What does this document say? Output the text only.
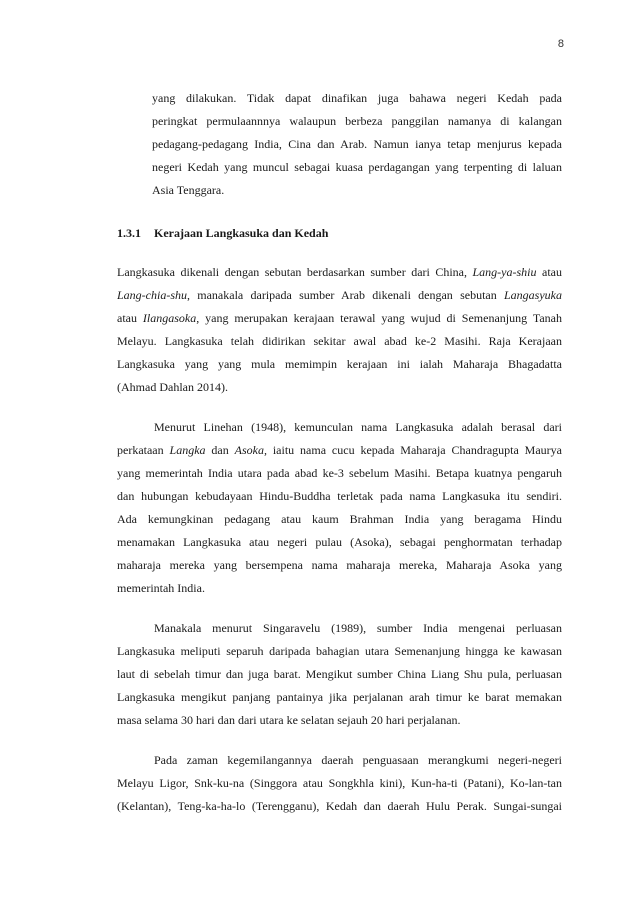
8
yang dilakukan. Tidak dapat dinafikan juga bahawa negeri Kedah pada
peringkat permulaannnya walaupun berbeza panggilan namanya di kalangan
pedagang-pedagang India, Cina dan Arab. Namun ianya tetap menjurus kepada
negeri Kedah yang muncul sebagai kuasa perdagangan yang terpenting di laluan
Asia Tenggara.
1.3.1 Kerajaan Langkasuka dan Kedah
Langkasuka dikenali dengan sebutan berdasarkan sumber dari China, Lang-ya-shiu atau
Lang-chia-shu, manakala daripada sumber Arab dikenali dengan sebutan Langasyuka
atau Ilangasoka, yang merupakan kerajaan terawal yang wujud di Semenanjung Tanah
Melayu. Langkasuka telah didirikan sekitar awal abad ke-2 Masihi. Raja Kerajaan
Langkasuka yang yang mula memimpin kerajaan ini ialah Maharaja Bhagadatta
(Ahmad Dahlan 2014).
Menurut Linehan (1948), kemunculan nama Langkasuka adalah berasal dari
perkataan Langka dan Asoka, iaitu nama cucu kepada Maharaja Chandragupta Maurya
yang memerintah India utara pada abad ke-3 sebelum Masihi. Betapa kuatnya pengaruh
dan hubungan kebudayaan Hindu-Buddha terletak pada nama Langkasuka itu sendiri.
Ada kemungkinan pedagang atau kaum Brahman India yang beragama Hindu
menamakan Langkasuka atau negeri pulau (Asoka), sebagai penghormatan terhadap
maharaja mereka yang bersempena nama maharaja mereka, Maharaja Asoka yang
memerintah India.
Manakala menurut Singaravelu (1989), sumber India mengenai perluasan
Langkasuka meliputi separuh daripada bahagian utara Semenanjung hingga ke kawasan
laut di sebelah timur dan juga barat. Mengikut sumber China Liang Shu pula, perluasan
Langkasuka mengikut panjang pantainya jika perjalanan arah timur ke barat memakan
masa selama 30 hari dan dari utara ke selatan sejauh 20 hari perjalanan.
Pada zaman kegemilangannya daerah penguasaan merangkumi negeri-negeri
Melayu Ligor, Snk-ku-na (Singgora atau Songkhla kini), Kun-ha-ti (Patani), Ko-lan-tan
(Kelantan), Teng-ka-ha-lo (Terengganu), Kedah dan daerah Hulu Perak. Sungai-sungai
